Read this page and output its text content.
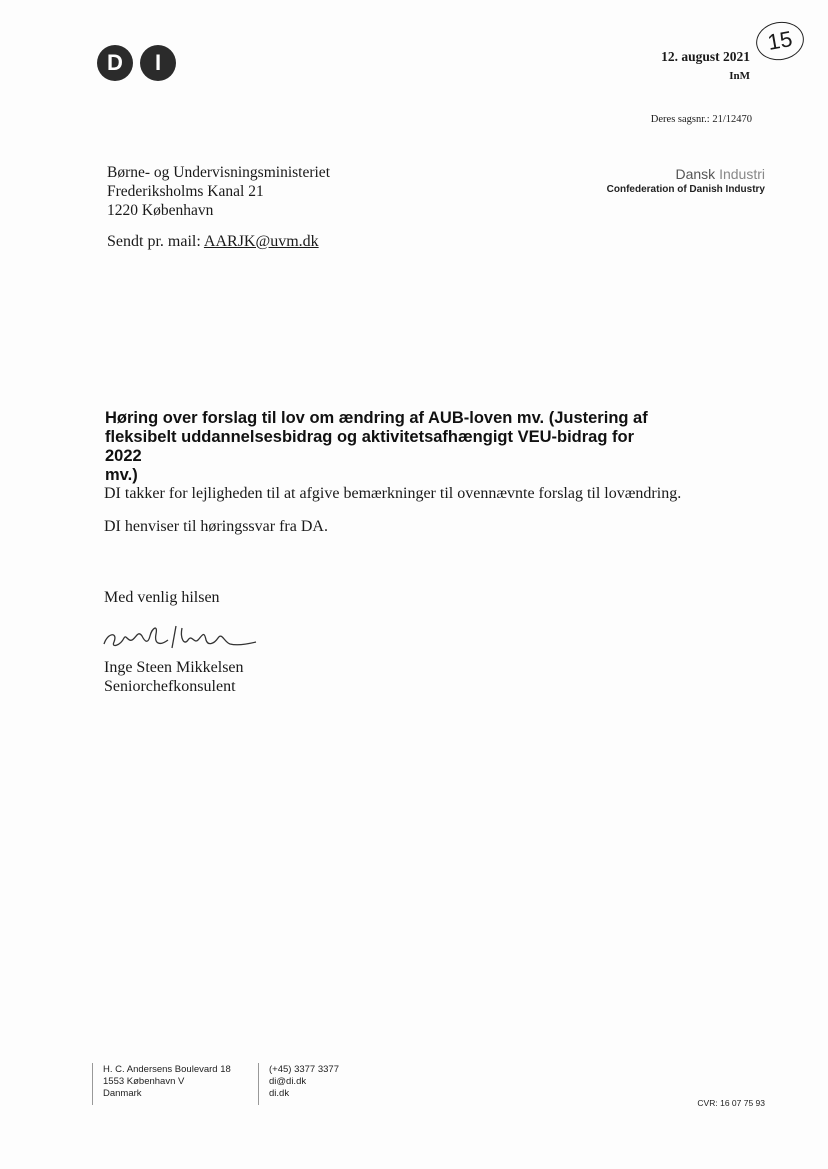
D	I	12. august 2021
InM
15
Deres sagsnr.: 21/12470
Børne- og Undervisningsministeriet
Frederiksholms Kanal 21
1220 København
Sendt pr. mail: AARJK@uvm.dk
Dansk Industri
Confederation of Danish Industry
Høring over forslag til lov om ændring af AUB-loven mv. (Justering af
fleksibelt uddannelsesbidrag og aktivitetsafhængigt VEU-bidrag for 2022
mv.)
DI takker for lejligheden til at afgive bemærkninger til ovennævnte forslag til lovændring.
DI henviser til høringssvar fra DA.
Med venlig hilsen
Inge Steen Mikkelsen
Seniorchefkonsulent
H. C. Andersens Boulevard 18
1553 København V
Danmark
(+45) 3377 3377
di@di.dk
di.dk
CVR: 16 07 75 93
